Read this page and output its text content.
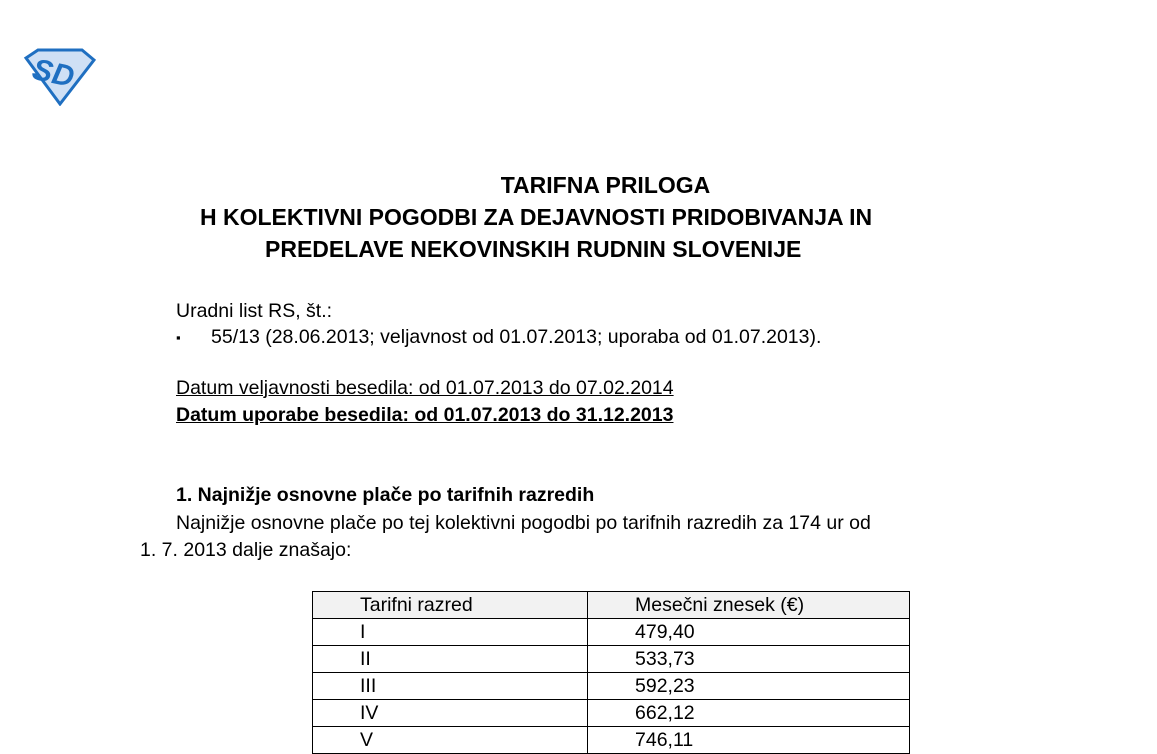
SD
TARIFNA PRILOGA
H KOLEKTIVNI POGODBI ZA DEJAVNOSTI PRIDOBIVANJA IN
PREDELAVE NEKOVINSKIH RUDNIN SLOVENIJE
Uradni list RS, št.:
▪ 55/13 (28.06.2013; veljavnost od 01.07.2013; uporaba od 01.07.2013).
Datum veljavnosti besedila: od 01.07.2013 do 07.02.2014
Datum uporabe besedila: od 01.07.2013 do 31.12.2013
1. Najnižje osnovne plače po tarifnih razredih
Najnižje osnovne plače po tej kolektivni pogodbi po tarifnih razredih za 174 ur od
1. 7. 2013 dalje znašajo:
Tarifni razred	Mesečni znesek (€)
I	479,40
II	533,73
III	592,23
IV	662,12
V	746,11
